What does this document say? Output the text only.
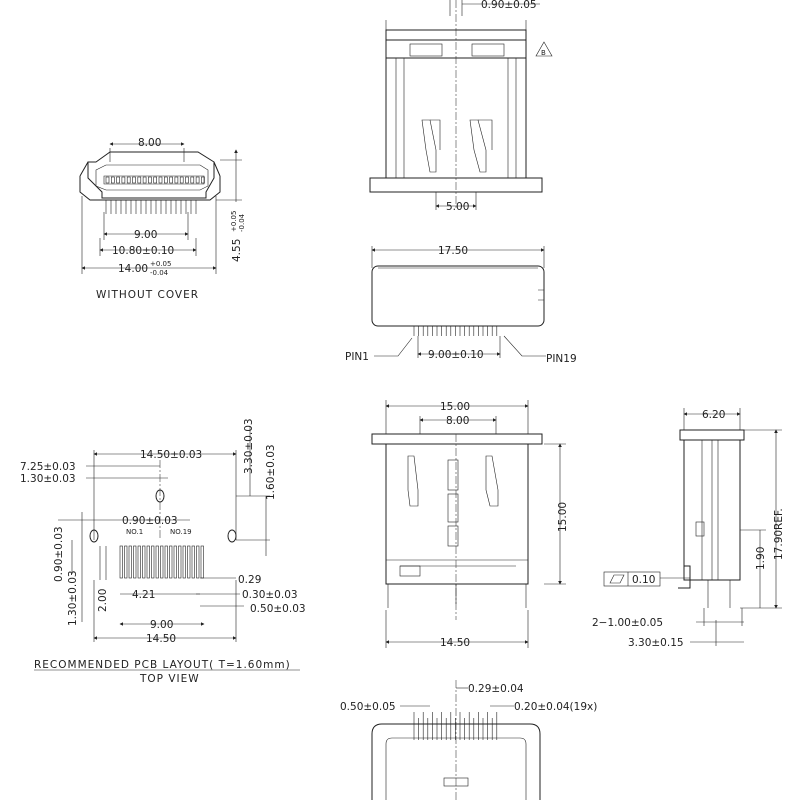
8.00
9.00
10.80±0.10
14.00 +0.05
-0.04
4.55
+0.05 -0.04
WITHOUT COVER
5.00
0.90±0.05
B
17.50
9.00±0.10
PIN1	PIN19
14.50±0.03
7.25±0.03
1.30±0.03
3.30±0.03 1.60±0.03
0.90±0.03
NO.1	NO.19
0.90±0.03
1.30±0.03	0.29
4.21
2.00	0.30±0.03
0.50±0.03
9.00
14.50
RECOMMENDED PCB LAYOUT( T=1.60mm)
TOP VIEW
15.00
8.00
15.00
14.50
6.20
17.90REF.
1.90
0.10
2−1.00±0.05
3.30±0.15
0.50±0.05
0.29±0.04
0.20±0.04(19x)
